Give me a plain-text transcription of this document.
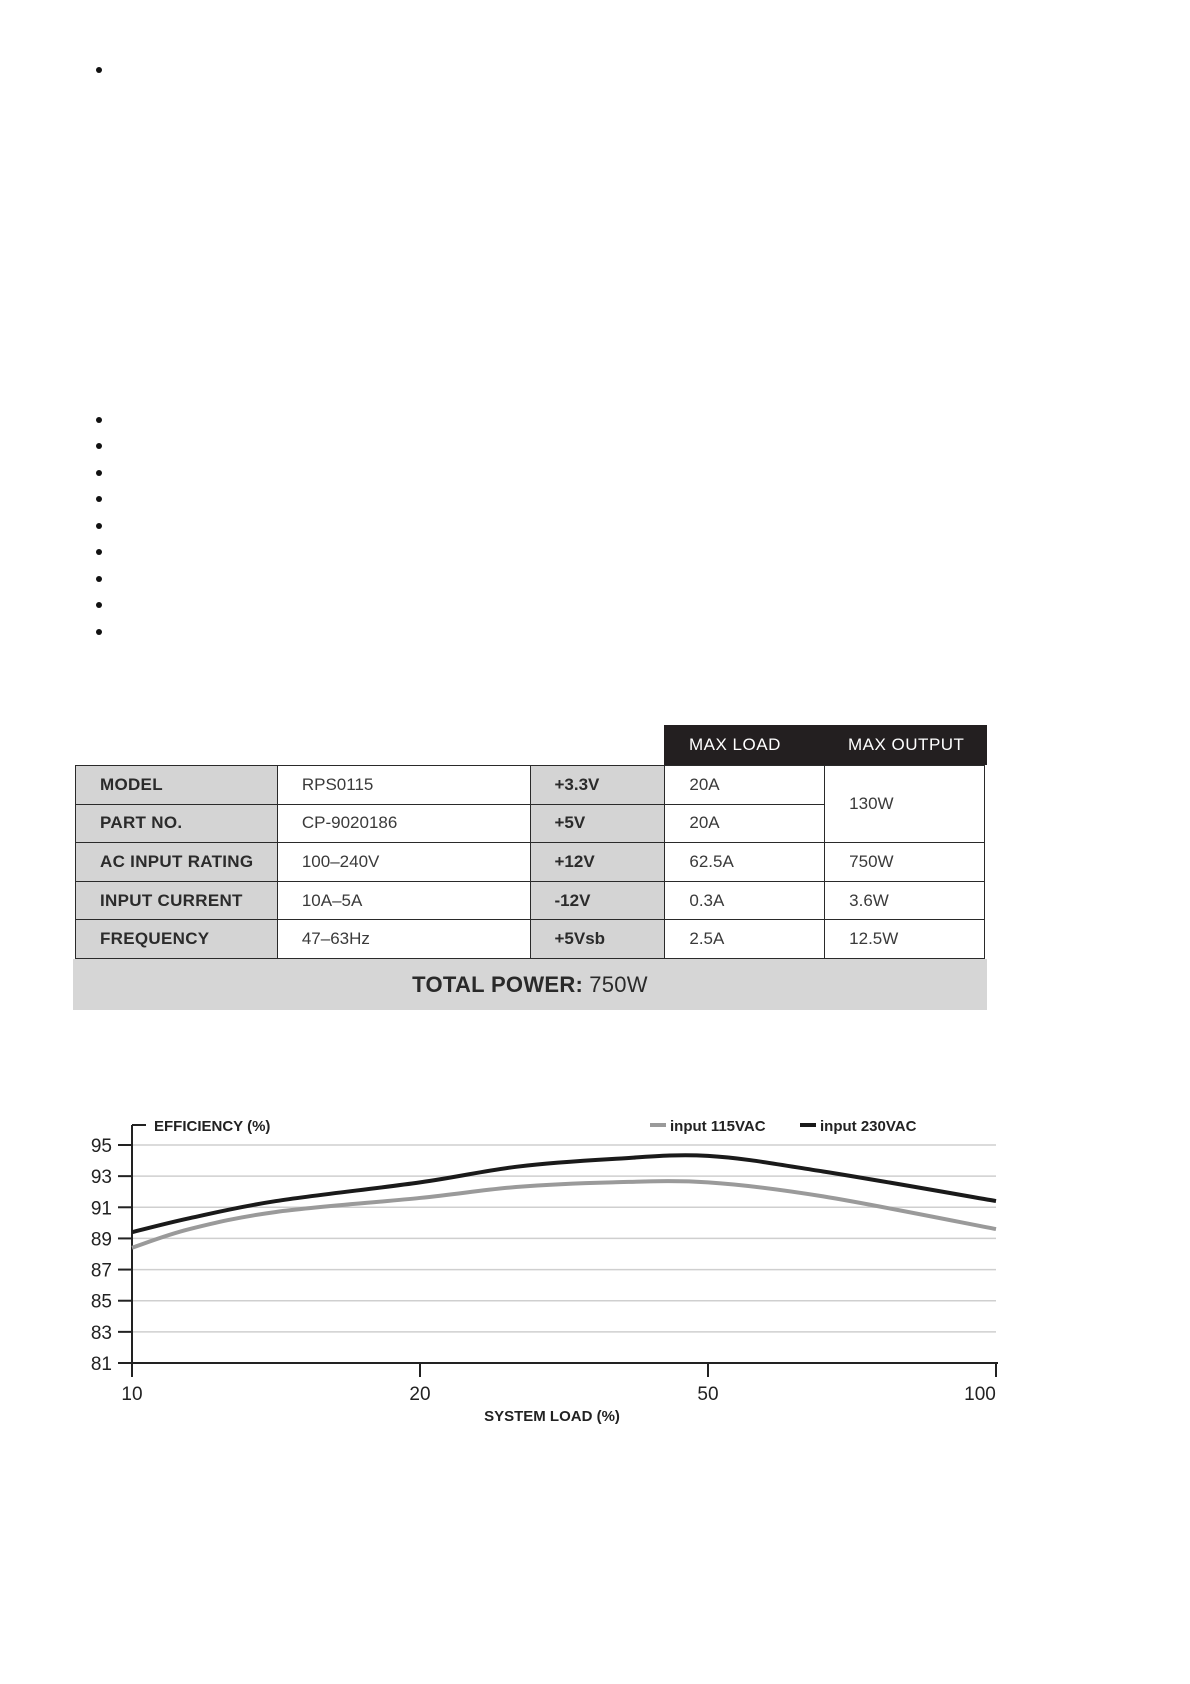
MAX LOAD	MAX OUTPUT
MODEL	RPS0115	+3.3V	20A	130W
PART NO.	CP-9020186	+5V	20A	
AC INPUT RATING	100–240V	+12V	62.5A	750W
INPUT CURRENT	10A–5A	-12V	0.3A	3.6W
FREQUENCY	47–63Hz	+5Vsb	2.5A	12.5W
TOTAL POWER: 750W
95
93
91
89
87
85
83
81
10	20	50	100
EFFICIENCY (%)
SYSTEM LOAD (%)
input 115VAC	input 230VAC
